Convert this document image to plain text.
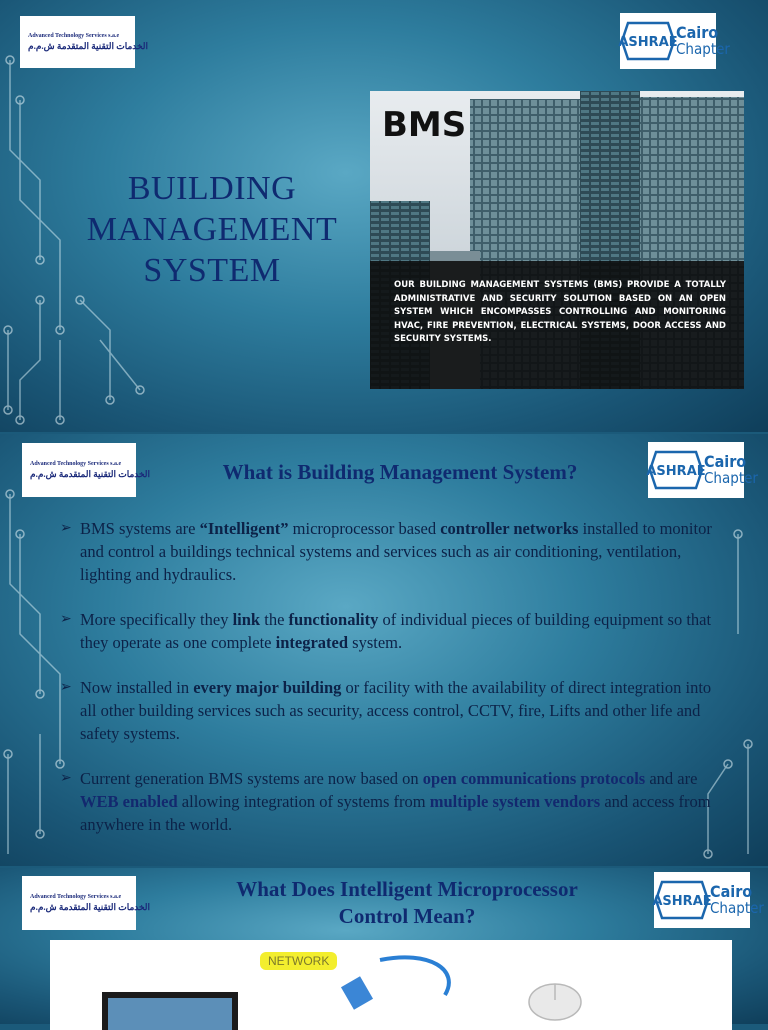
Advanced Technology Services s.a.e
الخدمات التقنية المتقدمة ش.م.م	ASHRAE
Cairo
Chapter
BUILDING
MANAGEMENT
SYSTEM
BMS
OUR BUILDING MANAGEMENT SYSTEMS (BMS) PROVIDE A TOTALLY ADMINISTRATIVE AND SECURITY SOLUTION BASED ON AN OPEN SYSTEM WHICH ENCOMPASSES CONTROLLING AND MONITORING HVAC, FIRE PREVENTION, ELECTRICAL SYSTEMS, DOOR ACCESS AND SECURITY SYSTEMS.
Advanced Technology Services s.a.e
الخدمات التقنية المتقدمة ش.م.م	ASHRAE
Cairo
Chapter
What is Building Management System?
➢ BMS systems are “Intelligent” microprocessor based controller networks installed to monitor and control a buildings technical systems and services such as air conditioning, ventilation, lighting and hydraulics.
➢ More specifically they link the functionality of individual pieces of building equipment so that they operate as one complete integrated system.
➢ Now installed in every major building or facility with the availability of direct integration into all other building services such as security, access control, CCTV, fire, Lifts and other life and safety systems.
➢ Current generation BMS systems are now based on open communications protocols and are WEB enabled allowing integration of systems from multiple system vendors and access from anywhere in the world.
Advanced Technology Services s.a.e
الخدمات التقنية المتقدمة ش.م.م	ASHRAE
Cairo
Chapter
What Does Intelligent Microprocessor
Control Mean?
NETWORK
